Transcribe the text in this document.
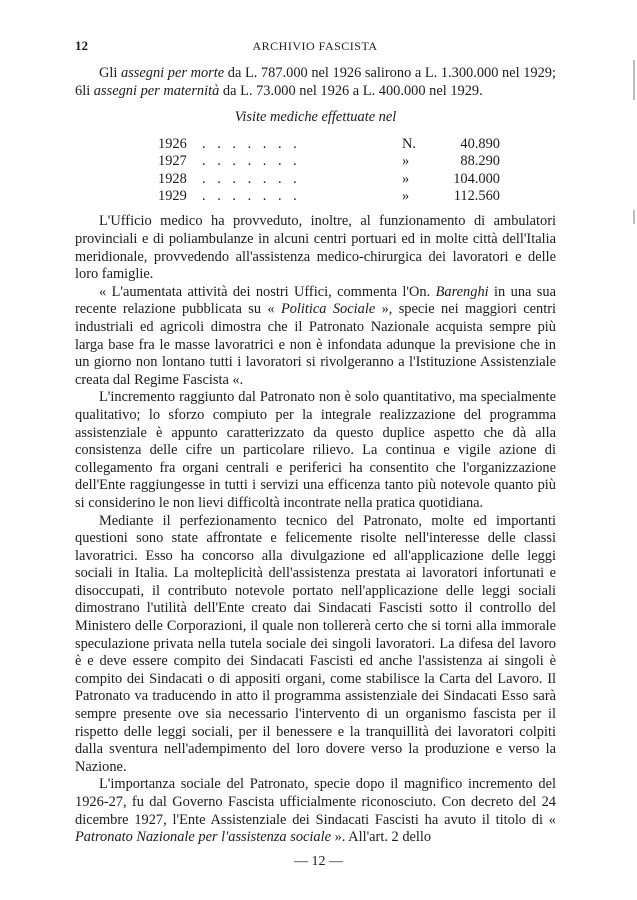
12	ARCHIVIO FASCISTA

Gli assegni per morte da L. 787.000 nel 1926 salirono a L. 1.300.000 nel 1929; 6li assegni per maternità da L. 73.000 nel 1926 a L. 400.000 nel 1929.

Visite mediche effettuate nel
1926	. . . . . . .	N.	40.890
1927	. . . . . . .	»	88.290
1928	. . . . . . .	»	104.000
1929	. . . . . . .	»	112.560

L'Ufficio medico ha provveduto, inoltre, al funzionamento di ambulatori provinciali e di poliambulanze in alcuni centri portuari ed in molte città dell'Italia meridionale, provvedendo all'assistenza medico-chirurgica dei lavoratori e delle loro famiglie.

« L'aumentata attività dei nostri Uffici, commenta l'On. Barenghi in una sua recente relazione pubblicata su « Politica Sociale », specie nei maggiori centri industriali ed agricoli dimostra che il Patronato Nazionale acquista sempre più larga base fra le masse lavoratrici e non è infondata adunque la previsione che in un giorno non lontano tutti i lavoratori si rivolgeranno a l'Istituzione Assistenziale creata dal Regime Fascista «.

L'incremento raggiunto dal Patronato non è solo quantitativo, ma specialmente qualitativo; lo sforzo compiuto per la integrale realizzazione del programma assistenziale è appunto caratterizzato da questo duplice aspetto che dà alla consistenza delle cifre un particolare rilievo. La continua e vigile azione di collegamento fra organi centrali e periferici ha consentito che l'organizzazione dell'Ente raggiungesse in tutti i servizi una efficenza tanto più notevole quanto più si considerino le non lievi difficoltà incontrate nella pratica quotidiana.

Mediante il perfezionamento tecnico del Patronato, molte ed importanti questioni sono state affrontate e felicemente risolte nell'interesse delle classi lavoratrici. Esso ha concorso alla divulgazione ed all'applicazione delle leggi sociali in Italia. La molteplicità dell'assistenza prestata ai lavoratori infortunati e disoccupati, il contributo notevole portato nell'applicazione delle leggi sociali dimostrano l'utilità dell'Ente creato dai Sindacati Fascisti sotto il controllo del Ministero delle Corporazioni, il quale non tollererà certo che si torni alla immorale speculazione privata nella tutela sociale dei singoli lavoratori. La difesa del lavoro è e deve essere compito dei Sindacati Fascisti ed anche l'assistenza ai singoli è compito dei Sindacati o di appositi organi, come stabilisce la Carta del Lavoro. Il Patronato va traducendo in atto il programma assistenziale dei Sindacati Esso sarà sempre presente ove sia necessario l'intervento di un organismo fascista per il rispetto delle leggi sociali, per il benessere e la tranquillità dei lavoratori colpiti dalla sventura nell'adempimento del loro dovere verso la produzione e verso la Nazione.

L'importanza sociale del Patronato, specie dopo il magnifico incremento del 1926-27, fu dal Governo Fascista ufficialmente riconosciuto. Con decreto del 24 dicembre 1927, l'Ente Assistenziale dei Sindacati Fascisti ha avuto il titolo di « Patronato Nazionale per l'assistenza sociale ». All'art. 2 dello

— 12 —
